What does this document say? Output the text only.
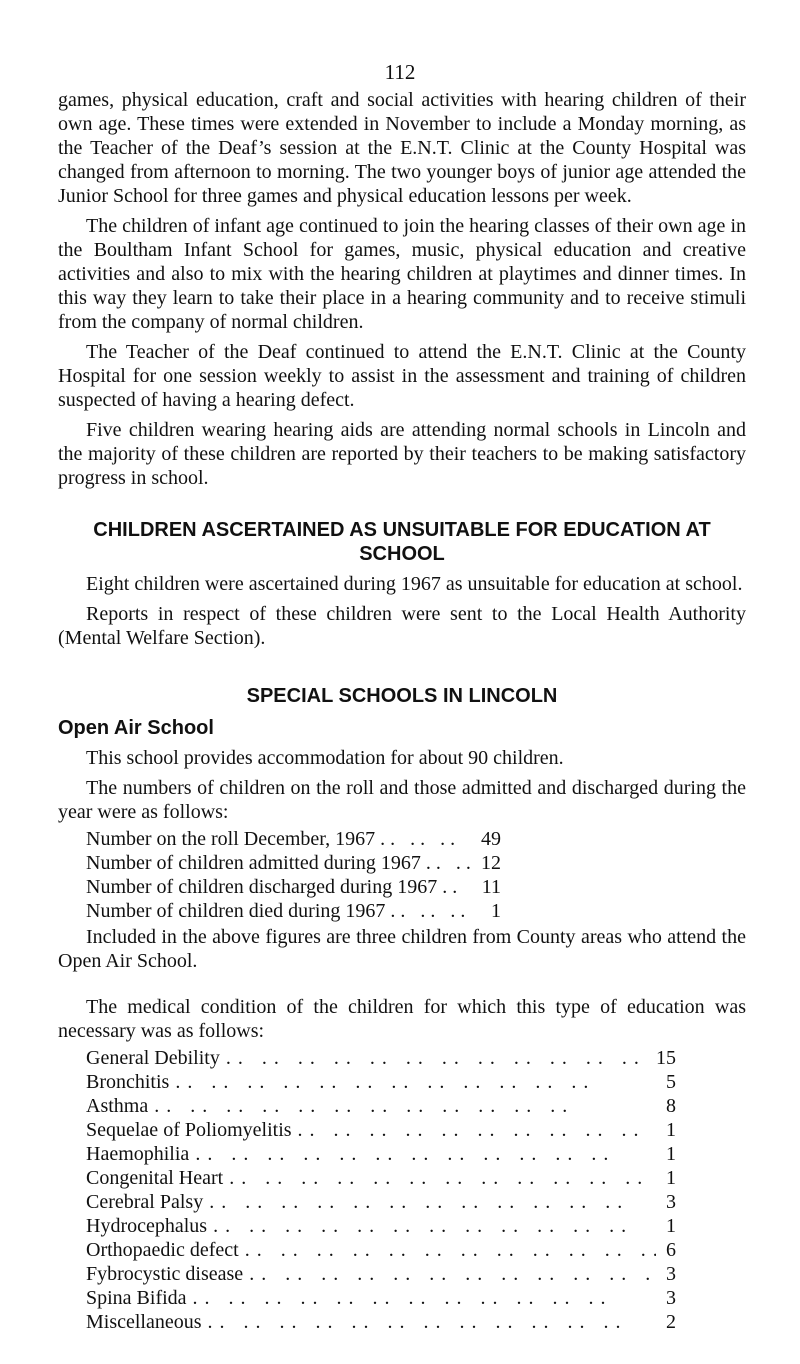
112

games, physical education, craft and social activities with hearing children of their own age. These times were extended in November to include a Monday morning, as the Teacher of the Deaf’s session at the E.N.T. Clinic at the County Hospital was changed from afternoon to morning. The two younger boys of junior age attended the Junior School for three games and physical education lessons per week.

The children of infant age continued to join the hearing classes of their own age in the Boultham Infant School for games, music, physical education and creative activities and also to mix with the hearing children at playtimes and dinner times. In this way they learn to take their place in a hearing community and to receive stimuli from the company of normal children.

The Teacher of the Deaf continued to attend the E.N.T. Clinic at the County Hospital for one session weekly to assist in the assessment and training of children suspected of having a hearing defect.

Five children wearing hearing aids are attending normal schools in Lincoln and the majority of these children are reported by their teachers to be making satisfactory progress in school.

CHILDREN ASCERTAINED AS UNSUITABLE FOR EDUCATION AT SCHOOL

Eight children were ascertained during 1967 as unsuitable for education at school.

Reports in respect of these children were sent to the Local Health Authority (Mental Welfare Section).

SPECIAL SCHOOLS IN LINCOLN
Open Air School

This school provides accommodation for about 90 children.

The numbers of children on the roll and those admitted and discharged during the year were as follows:

Number on the roll December, 1967 . .	49
Number of children admitted during 1967 . .	12
Number of children discharged during 1967 . .	11
Number of children died during 1967 . .	1

Included in the above figures are three children from County areas who attend the Open Air School.

The medical condition of the children for which this type of education was necessary was as follows:

General Debility . .	15
Bronchitis . .	5
Asthma . .	8
Sequelae of Poliomyelitis . .	1
Haemophilia . .	1
Congenital Heart . .	1
Cerebral Palsy . .	3
Hydrocephalus . .	1
Orthopaedic defect . .	6
Fybrocystic disease . .	3
Spina Bifida . .	3
Miscellaneous . .	2
